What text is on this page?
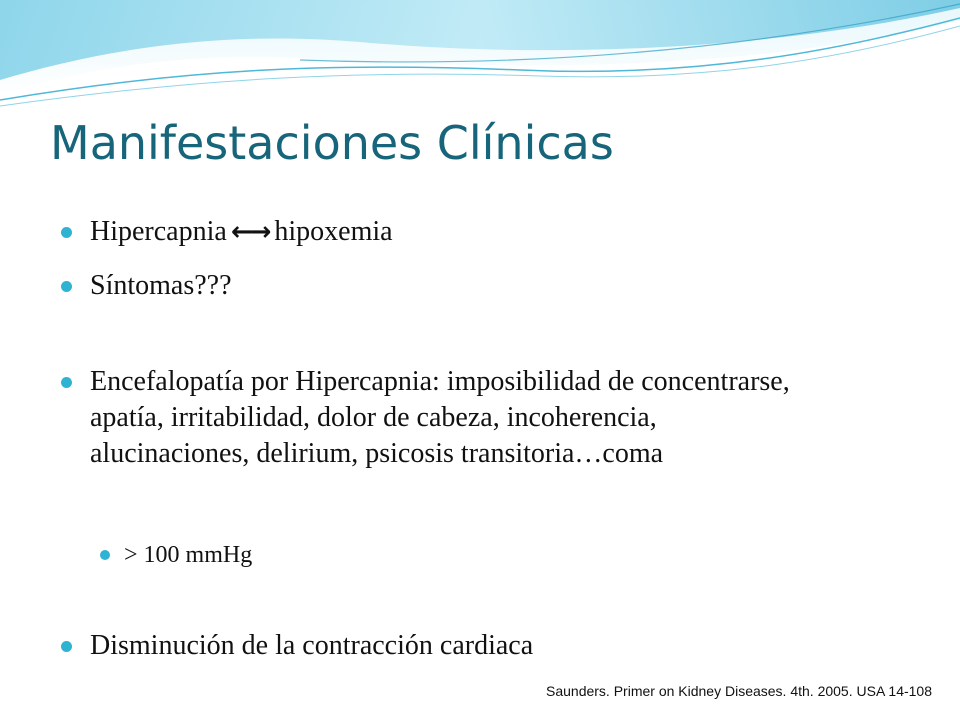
Manifestaciones Clínicas

Hipercapnia ←→ hipoxemia

Síntomas???

Encefalopatía por Hipercapnia: imposibilidad de concentrarse, apatía, irritabilidad, dolor de cabeza, incoherencia, alucinaciones, delirium, psicosis transitoria…coma

> 100 mmHg

Disminución de la contracción cardiaca

Saunders. Primer on Kidney Diseases. 4th. 2005. USA 14-108
